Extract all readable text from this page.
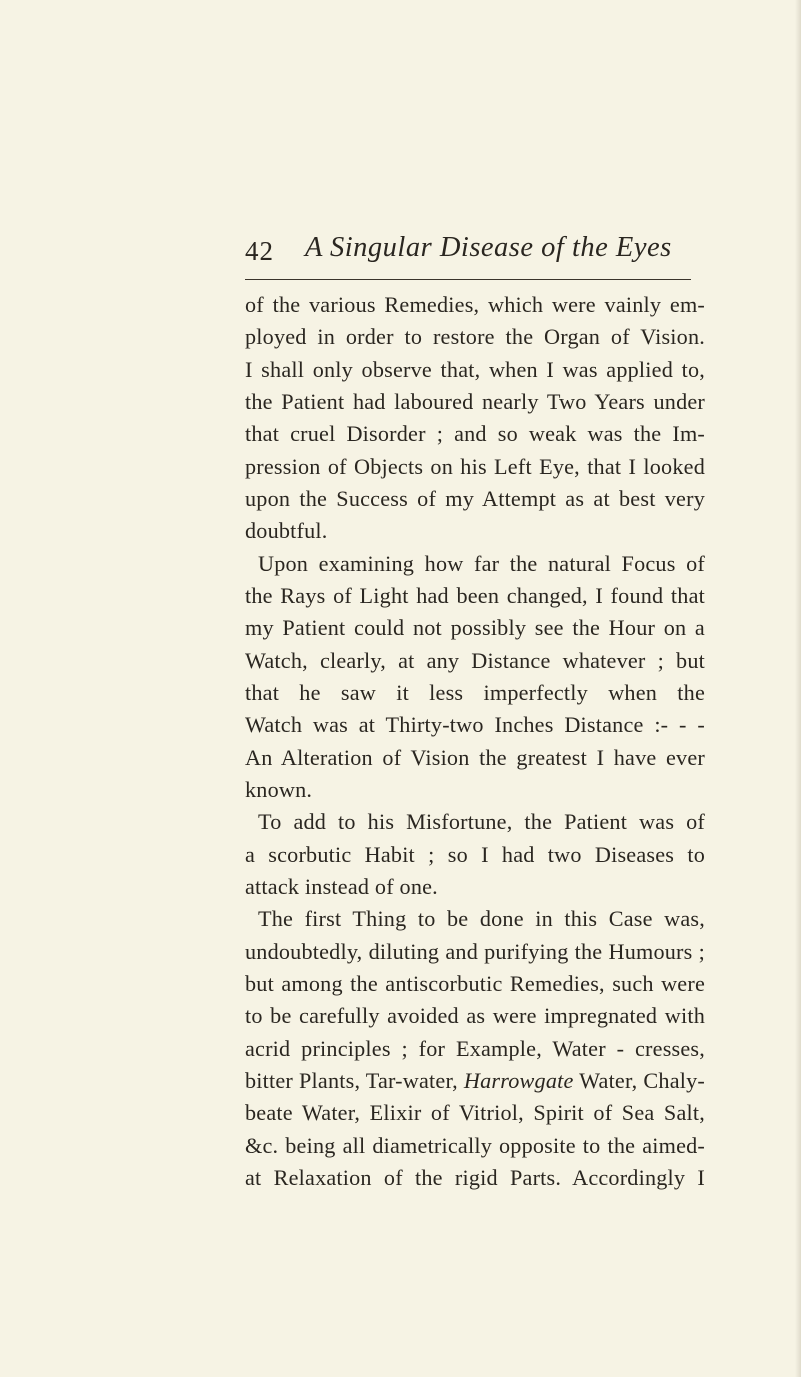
42 A Singular Disease of the Eyes
of the various Remedies, which were vainly em-
ployed in order to restore the Organ of Vision.
I shall only observe that, when I was applied to,
the Patient had laboured nearly Two Years under
that cruel Disorder ; and so weak was the Im-
pression of Objects on his Left Eye, that I looked
upon the Success of my Attempt as at best very
doubtful.
Upon examining how far the natural Focus of
the Rays of Light had been changed, I found that
my Patient could not possibly see the Hour on a
Watch, clearly, at any Distance whatever ; but
that he saw it less imperfectly when the
Watch was at Thirty-two Inches Distance :- - -
An Alteration of Vision the greatest I have ever
known.
To add to his Misfortune, the Patient was of
a scorbutic Habit ; so I had two Diseases to
attack instead of one.
The first Thing to be done in this Case was,
undoubtedly, diluting and purifying the Humours ;
but among the antiscorbutic Remedies, such were
to be carefully avoided as were impregnated with
acrid principles ; for Example, Water - cresses,
bitter Plants, Tar-water, Harrowgate Water, Chaly-
beate Water, Elixir of Vitriol, Spirit of Sea Salt,
&c. being all diametrically opposite to the aimed-
at Relaxation of the rigid Parts. Accordingly I
